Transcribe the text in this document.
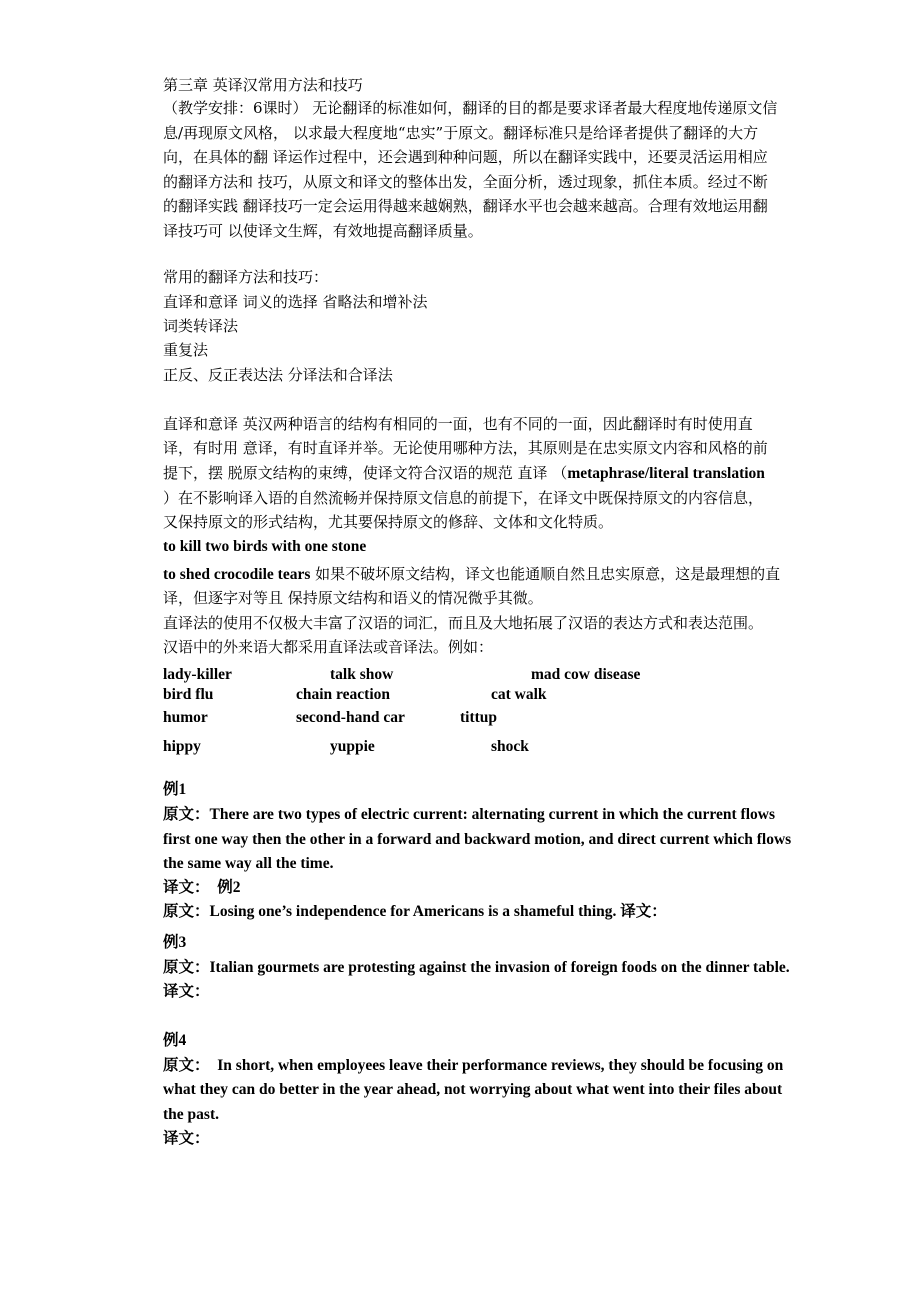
第三章 英译汉常用方法和技巧
（教学安排：6课时） 无论翻译的标准如何，翻译的目的都是要求译者最大程度地传递原文信
息/再现原文风格， 以求最大程度地“忠实”于原文。翻译标准只是给译者提供了翻译的大方
向，在具体的翻 译运作过程中，还会遇到种种问题，所以在翻译实践中，还要灵活运用相应
的翻译方法和 技巧，从原文和译文的整体出发，全面分析，透过现象，抓住本质。经过不断
的翻译实践 翻译技巧一定会运用得越来越娴熟，翻译水平也会越来越高。合理有效地运用翻
译技巧可 以使译文生辉，有效地提高翻译质量。
常用的翻译方法和技巧：
直译和意译 词义的选择 省略法和增补法
词类转译法
重复法
正反、反正表达法 分译法和合译法
直译和意译 英汉两种语言的结构有相同的一面，也有不同的一面，因此翻译时有时使用直
译，有时用 意译，有时直译并举。无论使用哪种方法，其原则是在忠实原文内容和风格的前
提下，摆 脱原文结构的束缚，使译文符合汉语的规范 直译 （metaphrase/literal translation
）在不影响译入语的自然流畅并保持原文信息的前提下，在译文中既保持原文的内容信息，
又保持原文的形式结构，尤其要保持原文的修辞、文体和文化特质。
to kill two birds with one stone
to shed crocodile tears 如果不破坏原文结构，译文也能通顺自然且忠实原意，这是最理想的直
译，但逐字对等且 保持原文结构和语义的情况微乎其微。
直译法的使用不仅极大丰富了汉语的词汇，而且及大地拓展了汉语的表达方式和表达范围。
汉语中的外来语大都采用直译法或音译法。例如：
lady-killer	talk show	mad cow disease
bird flu	chain reaction	cat walk
humor	second-hand car	tittup
hippy	yuppie	shock
例1
原文：There are two types of electric current: alternating current in which the current flows
first one way then the other in a forward and backward motion, and direct current which flows
the same way all the time.
译文： 例2
原文：Losing one’s independence for Americans is a shameful thing. 译文：
例3
原文：Italian gourmets are protesting against the invasion of foreign foods on the dinner table.
译文：
例4
原文：  In short, when employees leave their performance reviews, they should be focusing on
what they can do better in the year ahead, not worrying about what went into their files about
the past.
译文：
